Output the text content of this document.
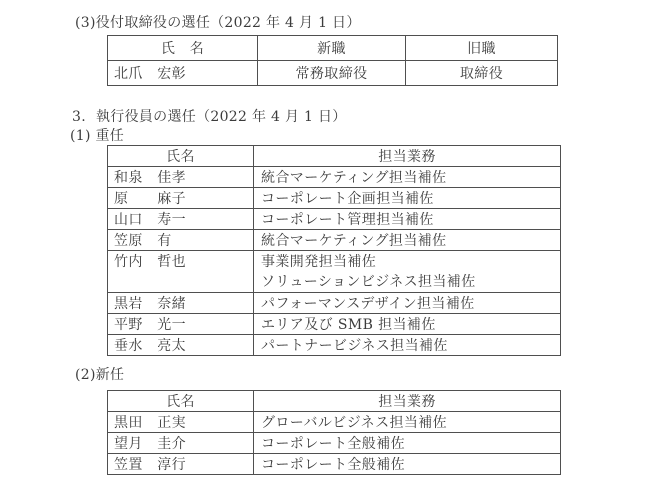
(3)役付取締役の選任（2022 年 4 月 1 日）
氏　名	新職	旧職
北爪　宏彰	常務取締役	取締役
3. 執行役員の選任（2022 年 4 月 1 日）
(1) 重任
氏名	担当業務
和泉　佳孝	統合マーケティング担当補佐
原　　麻子	コーポレート企画担当補佐
山口　寿一	コーポレート管理担当補佐
笠原　有	統合マーケティング担当補佐
竹内　哲也	事業開発担当補佐
ソリューションビジネス担当補佐

黒岩　奈緒	パフォーマンスデザイン担当補佐
平野　光一	エリア及び SMB 担当補佐
垂水　亮太	パートナービジネス担当補佐
(2)新任
氏名	担当業務
黒田　正実	グローバルビジネス担当補佐
望月　圭介	コーポレート全般補佐
笠置　淳行	コーポレート全般補佐
